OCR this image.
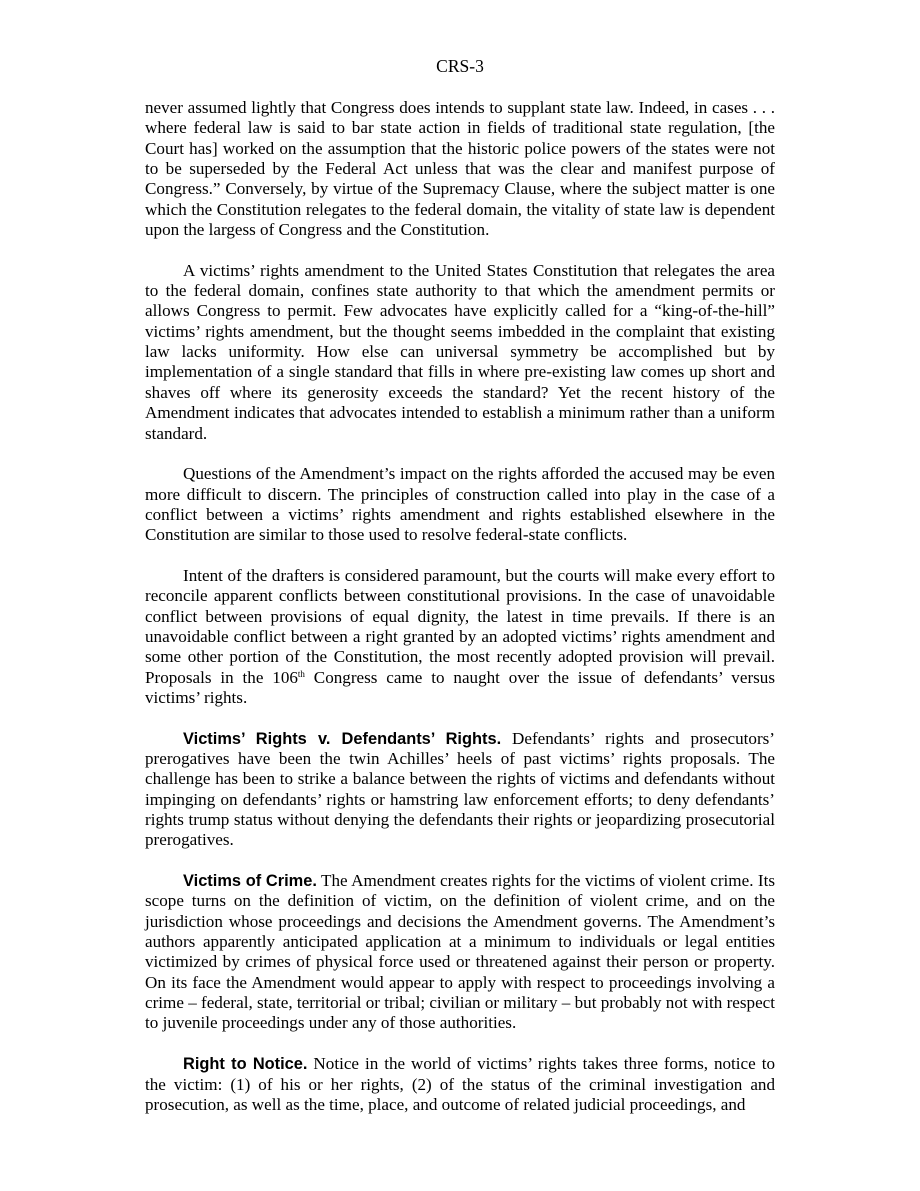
CRS-3

never assumed lightly that Congress does intends to supplant state law. Indeed, in cases . . . where federal law is said to bar state action in fields of traditional state regulation, [the Court has] worked on the assumption that the historic police powers of the states were not to be superseded by the Federal Act unless that was the clear and manifest purpose of Congress.” Conversely, by virtue of the Supremacy Clause, where the subject matter is one which the Constitution relegates to the federal domain, the vitality of state law is dependent upon the largess of Congress and the Constitution.

A victims’ rights amendment to the United States Constitution that relegates the area to the federal domain, confines state authority to that which the amendment permits or allows Congress to permit. Few advocates have explicitly called for a “king-of-the-hill” victims’ rights amendment, but the thought seems imbedded in the complaint that existing law lacks uniformity. How else can universal symmetry be accomplished but by implementation of a single standard that fills in where pre-existing law comes up short and shaves off where its generosity exceeds the standard? Yet the recent history of the Amendment indicates that advocates intended to establish a minimum rather than a uniform standard.

Questions of the Amendment’s impact on the rights afforded the accused may be even more difficult to discern. The principles of construction called into play in the case of a conflict between a victims’ rights amendment and rights established elsewhere in the Constitution are similar to those used to resolve federal-state conflicts.

Intent of the drafters is considered paramount, but the courts will make every effort to reconcile apparent conflicts between constitutional provisions. In the case of unavoidable conflict between provisions of equal dignity, the latest in time prevails. If there is an unavoidable conflict between a right granted by an adopted victims’ rights amendment and some other portion of the Constitution, the most recently adopted provision will prevail. Proposals in the 106th Congress came to naught over the issue of defendants’ versus victims’ rights.

Victims’ Rights v. Defendants’ Rights. Defendants’ rights and prosecutors’ prerogatives have been the twin Achilles’ heels of past victims’ rights proposals. The challenge has been to strike a balance between the rights of victims and defendants without impinging on defendants’ rights or hamstring law enforcement efforts; to deny defendants’ rights trump status without denying the defendants their rights or jeopardizing prosecutorial prerogatives.

Victims of Crime. The Amendment creates rights for the victims of violent crime. Its scope turns on the definition of victim, on the definition of violent crime, and on the jurisdiction whose proceedings and decisions the Amendment governs. The Amendment’s authors apparently anticipated application at a minimum to individuals or legal entities victimized by crimes of physical force used or threatened against their person or property. On its face the Amendment would appear to apply with respect to proceedings involving a crime – federal, state, territorial or tribal; civilian or military – but probably not with respect to juvenile proceedings under any of those authorities.

Right to Notice. Notice in the world of victims’ rights takes three forms, notice to the victim: (1) of his or her rights, (2) of the status of the criminal investigation and prosecution, as well as the time, place, and outcome of related judicial proceedings, and
